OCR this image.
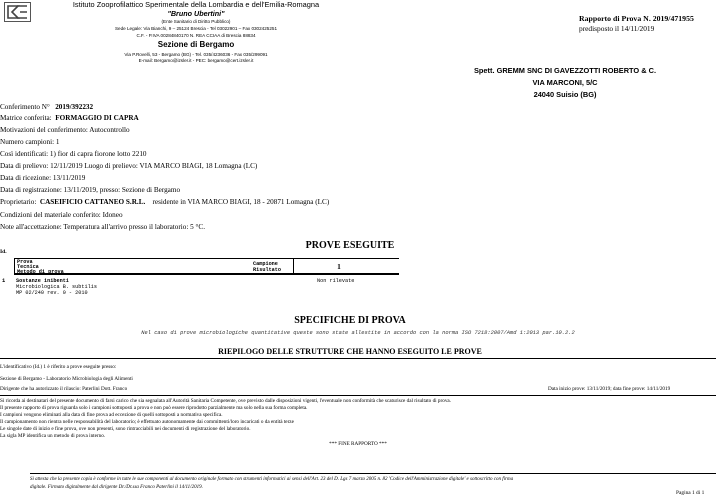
Istituto Zooprofilattico Sperimentale della Lombardia e dell'Emilia-Romagna
"Bruno Ubertini"
(Ente Sanitario di Diritto Pubblico)
Sede Legale: Via Bianchi, 9 – 25124 Brescia - Tel 03022901 – Fax 0302425251
C.F. - P.IVA 00284840170 N. REA CCIAA di Brescia 88834
Sezione di Bergamo
Via P.Rovelli, 53 - Bergamo (BG) - Tel. 035/4236036 - Fax 035/299091
E-mail: Bergamo@izsler.it - PEC: bergamo@cert.izsler.it
Rapporto di Prova N. 2019/471955
predisposto il 14/11/2019
Spett. GREMM SNC DI GAVEZZOTTI ROBERTO & C.
VIA MARCONI, 5/C
24040 Suisio (BG)
Conferimento N° 2019/392232
Matrice conferita: FORMAGGIO DI CAPRA
Motivazioni del conferimento: Autocontrollo
Numero campioni: 1
Così identificati: 1) fior di capra fiorone lotto 2210
Data di prelievo: 12/11/2019 Luogo di prelievo: VIA MARCO BIAGI, 18 Lomagna (LC)
Data di ricezione: 13/11/2019
Data di registrazione: 13/11/2019, presso: Sezione di Bergamo
Proprietario: CASEIFICIO CATTANEO S.R.L. residente in VIA MARCO BIAGI, 18 - 20871 Lomagna (LC)
Condizioni del materiale conferito: Idoneo
Note all'accettazione: Temperatura all'arrivo presso il laboratorio: 5 °C.
PROVE ESEGUITE
Id.
1
Prova
Tecnica
Metodo di prova
Campione
Risultato
Sostanze inibenti
Microbiologica B. subtilis
MP 02/240 rev. 0 - 2010
Non rilevate
1
SPECIFICHE DI PROVA
Nel caso di prove microbiologiche quantitative queste sono state allestite in accordo con la norma ISO 7218:2007/Amd 1:2013 par.10.2.2
RIEPILOGO DELLE STRUTTURE CHE HANNO ESEGUITO LE PROVE
L'identificativo (Id.) 1 è riferito a prove eseguite presso:
Sezione di Bergamo - Laboratorio Microbiologia degli Alimenti
Dirigente che ha autorizzato il rilascio: Paterlini Dott. Franco	Data inizio prove: 13/11/2019; data fine prove: 14/11/2019
Si ricorda ai destinatari del presente documento di farsi carico che sia segnalata all'Autorità Sanitaria Competente, ove previsto dalle disposizioni vigenti, l'eventuale non conformità che scaturisce dal risultato di prova.
Il presente rapporto di prova riguarda solo i campioni sottoposti a prova e non può essere riprodotto parzialmente ma solo nella sua forma completa.
I campioni vengono eliminati alla data di fine prova ad eccezione di quelli sottoposti a normativa specifica.
Il campionamento non rientra nelle responsabilità del laboratorio; è effettuato autonomamente dai committenti/loro incaricati o da entità terze
Le singole date di inizio e fine prova, ove non presenti, sono rintracciabili nei documenti di registrazione del laboratorio.
La sigla MP identifica un metodo di prova interno.
*** FINE RAPPORTO ***
Si attesta che la presente copia è conforme in tutte le sue componenti al documento originale formato con strumenti informatici ai sensi dell'Art. 23 del D. Lgs 7 marzo 2005 n. 82 'Codice dell'Amministrazione digitale' e sottoscritto con firma
digitale. Firmato digitalmente dal dirigente Dr./Dr.ssa Franco Paterlini il 14/11/2019.
Pagina 1 di 1
